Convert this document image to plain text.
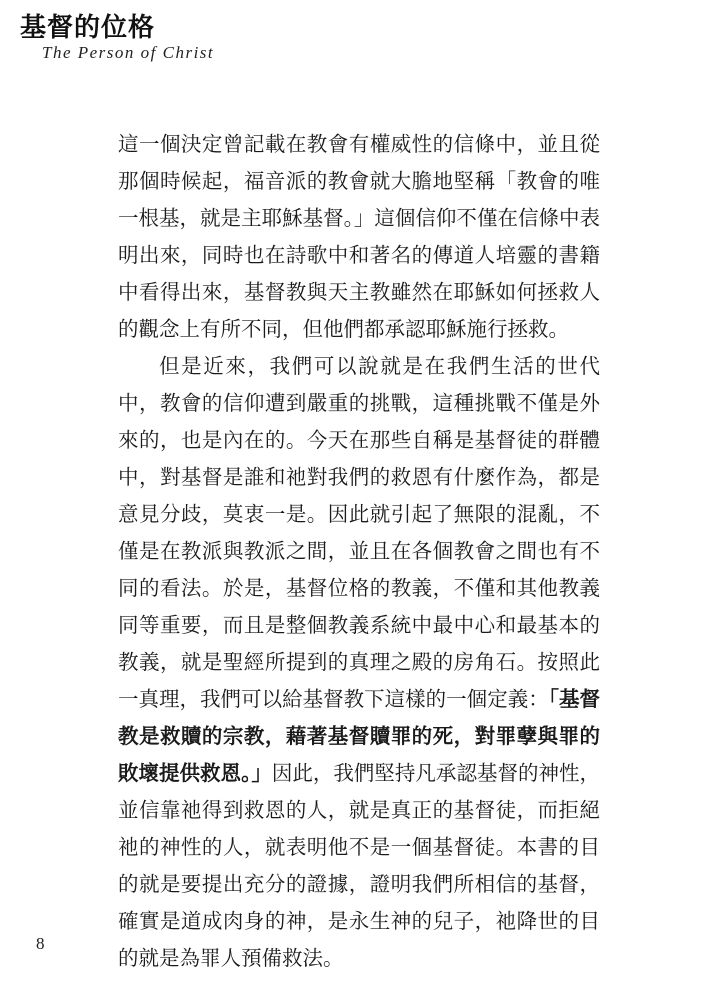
基督的位格
The Person of Christ

這一個決定曾記載在教會有權威性的信條中，並且從那個時候起，福音派的教會就大膽地堅稱「教會的唯一根基，就是主耶穌基督。」這個信仰不僅在信條中表明出來，同時也在詩歌中和著名的傳道人培靈的書籍中看得出來，基督教與天主教雖然在耶穌如何拯救人的觀念上有所不同，但他們都承認耶穌施行拯救。

但是近來，我們可以說就是在我們生活的世代中，教會的信仰遭到嚴重的挑戰，這種挑戰不僅是外來的，也是內在的。今天在那些自稱是基督徒的群體中，對基督是誰和祂對我們的救恩有什麼作為，都是意見分歧，莫衷一是。因此就引起了無限的混亂，不僅是在教派與教派之間，並且在各個教會之間也有不同的看法。於是，基督位格的教義，不僅和其他教義同等重要，而且是整個教義系統中最中心和最基本的教義，就是聖經所提到的真理之殿的房角石。按照此一真理，我們可以給基督教下這樣的一個定義：「基督教是救贖的宗教，藉著基督贖罪的死，對罪孽與罪的敗壞提供救恩。」因此，我們堅持凡承認基督的神性，並信靠祂得到救恩的人，就是真正的基督徒，而拒絕祂的神性的人，就表明他不是一個基督徒。本書的目的就是要提出充分的證據，證明我們所相信的基督，確實是道成肉身的神，是永生神的兒子，祂降世的目的就是為罪人預備救法。

8
